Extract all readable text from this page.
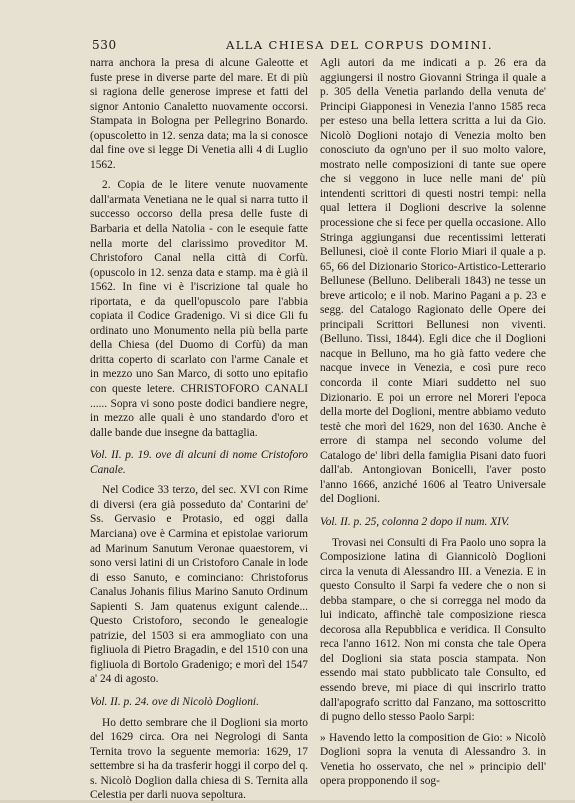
530	ALLA CHIESA DEL CORPUS DOMINI.

narra anchora la presa di alcune Galeotte et fuste prese in diverse parte del mare. Et di più si ragiona delle generose imprese et fatti del signor Antonio Canaletto nuovamente occorsi. Stampata in Bologna per Pellegrino Bonardo. (opuscoletto in 12. senza data; ma la si conosce dal fine ove si legge Di Venetia alli 4 di Luglio 1562.

2. Copia de le litere venute nuovamente dall'armata Venetiana ne le qual si narra tutto il successo occorso della presa delle fuste di Barbaria et della Natolia - con le esequie fatte nella morte del clarissimo proveditor M. Christoforo Canal nella città di Corfù. (opuscolo in 12. senza data e stamp. ma è già il 1562. In fine vi è l'iscrizione tal quale ho riportata, e da quell'opuscolo pare l'abbia copiata il Codice Gradenigo. Vi si dice Gli fu ordinato uno Monumento nella più bella parte della Chiesa (del Duomo di Corfù) da man dritta coperto di scarlato con l'arme Canale et in mezzo uno San Marco, di sotto uno epitafio con queste letere. CHRISTOFORO CANALI ...... Sopra vi sono poste dodici bandiere negre, in mezzo alle quali è uno standardo d'oro et dalle bande due insegne da battaglia.

Vol. II. p. 19. ove di alcuni di nome Cristoforo Canale.

Nel Codice 33 terzo, del sec. XVI con Rime di diversi (era già posseduto da' Contarini de' Ss. Gervasio e Protasio, ed oggi dalla Marciana) ove è Carmina et epistolae variorum ad Marinum Sanutum Veronae quaestorem, vi sono versi latini di un Cristoforo Canale in lode di esso Sanuto, e cominciano: Christoforus Canalus Johanis filius Marino Sanuto Ordinum Sapienti S. Jam quatenus exigunt calende... Questo Cristoforo, secondo le genealogie patrizie, del 1503 si era ammogliato con una figliuola di Pietro Bragadin, e del 1510 con una figliuola di Bortolo Gradenigo; e morì del 1547 a' 24 di agosto.

Vol. II. p. 24. ove di Nicolò Doglioni.

Ho detto sembrare che il Doglioni sia morto del 1629 circa. Ora nei Negrologi di Santa Ternita trovo la seguente memoria: 1629, 17 settembre si ha da trasferir hoggi il corpo del q. s. Nicolò Doglion dalla chiesa di S. Ternita alla Celestia per darli nuova sepoltura.

Agli autori da me indicati a p. 26 era da aggiungersi il nostro Giovanni Stringa il quale a p. 305 della Venetia parlando della venuta de' Principi Giapponesi in Venezia l'anno 1585 reca per esteso una bella lettera scritta a lui da Gio. Nicolò Doglioni notajo di Venezia molto ben conosciuto da ogn'uno per il suo molto valore, mostrato nelle composizioni di tante sue opere che si veggono in luce nelle mani de' più intendenti scrittori di questi nostri tempi: nella qual lettera il Doglioni descrive la solenne processione che si fece per quella occasione. Allo Stringa aggiungansi due recentissimi letterati Bellunesi, cioè il conte Florio Miari il quale a p. 65, 66 del Dizionario Storico-Artistico-Letterario Bellunese (Belluno. Deliberali 1843) ne tesse un breve articolo; e il nob. Marino Pagani a p. 23 e segg. del Catalogo Ragionato delle Opere dei principali Scrittori Bellunesi non viventi. (Belluno. Tissi, 1844). Egli dice che il Doglioni nacque in Belluno, ma ho già fatto vedere che nacque invece in Venezia, e così pure reco concorda il conte Miari suddetto nel suo Dizionario. E poi un errore nel Moreri l'epoca della morte del Doglioni, mentre abbiamo veduto testè che morì del 1629, non del 1630. Anche è errore di stampa nel secondo volume del Catalogo de' libri della famiglia Pisani dato fuori dall'ab. Antongiovan Bonicelli, l'aver posto l'anno 1666, anziché 1606 al Teatro Universale del Doglioni.

Vol. II. p. 25, colonna 2 dopo il num. XIV.

Trovasi nei Consulti di Fra Paolo uno sopra la Composizione latina di Giannicolò Doglioni circa la venuta di Alessandro III. a Venezia. E in questo Consulto il Sarpi fa vedere che o non si debba stampare, o che si corregga nel modo da lui indicato, affinchè tale composizione riesca decorosa alla Repubblica e veridica. Il Consulto reca l'anno 1612. Non mi consta che tale Opera del Doglioni sia stata poscia stampata. Non essendo mai stato pubblicato tale Consulto, ed essendo breve, mi piace di qui inscrirlo tratto dall'apografo scritto dal Fanzano, ma sottoscritto di pugno dello stesso Paolo Sarpi:

» Havendo letto la composition de Gio: » Nicolò Doglioni sopra la venuta di Alessandro 3. in Venetia ho osservato, che nel » principio dell' opera propponendo il sog-
